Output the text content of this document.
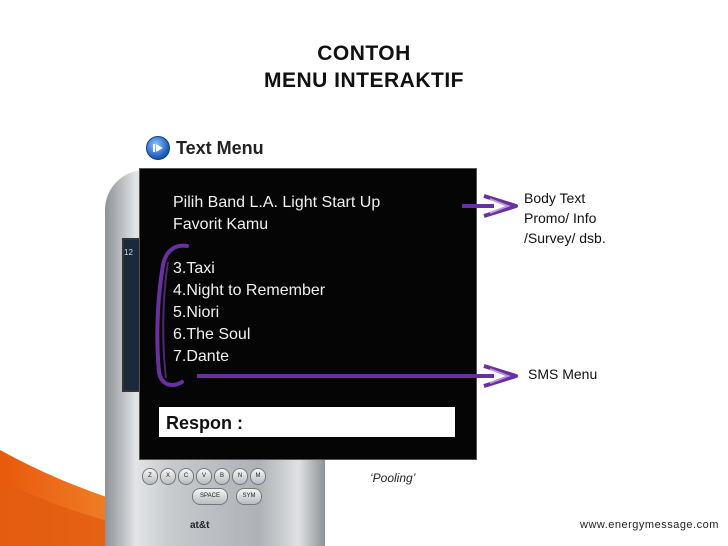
CONTOH
MENU INTERAKTIF
12
SPACE	SYM
V	B	N	M
C
X
Z
at&t
Text Menu
Pilih Band L.A. Light Start Up
Favorit Kamu
3.Taxi
4.Night to Remember
5.Niori
6.The Soul
7.Dante
Respon :
Body Text
Promo/ Info
/Survey/ dsb.
SMS Menu
‘Pooling’
www.energymessage.com
